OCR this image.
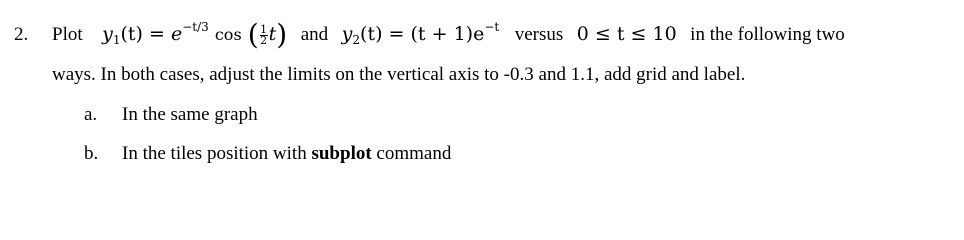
2. Plot $y_1(t) = e^{-t/3}$ cos ( $\frac{1}{2} t$) and $y_2(t) = (t + 1)e^{-t}$ versus 0 ≤ t ≤ 10 in the following two
ways. In both cases, adjust the limits on the vertical axis to -0.3 and 1.1, add grid and label.
a. In the same graph
b. In the tiles position with subplot command
